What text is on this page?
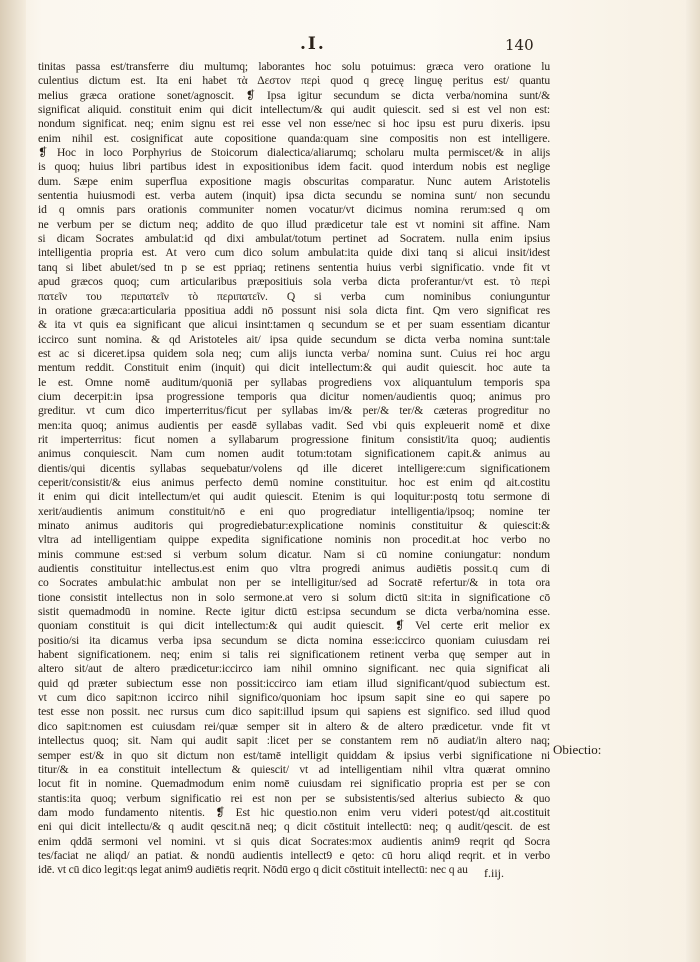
.I.	140
tinitas passa est/transferre diu multumq; laborantes hoc solu potuimus: græca vero oratione lu
culentius dictum est. Ita eni habet τὰ Δεστον περὶ quod q grecę linguę peritus est/ quantu
melius græca oratione sonet/agnoscit. ❡ Ipsa igitur secundum se dicta verba/nomina sunt/&
significat aliquid. constituit enim qui dicit intellectum/& qui audit quiescit. sed si est vel non est:
nondum significat. neq; enim signu est rei esse vel non esse/nec si hoc ipsu est puru dixeris. ipsu
enim nihil est. cosignificat aute copositione quanda:quam sine compositis non est intelligere.
❡ Hoc in loco Porphyrius de Stoicorum dialectica/aliarumq; scholaru multa permiscet/& in alijs
is quoq; huius libri partibus idest in expositionibus idem facit. quod interdum nobis est neglige
dum. Sæpe enim superflua expositione magis obscuritas comparatur. Nunc autem Aristotelis
sententia huiusmodi est. verba autem (inquit) ipsa dicta secundu se nomina sunt/ non secundu
id q omnis pars orationis communiter nomen vocatur/vt dicimus nomina rerum:sed q om
ne verbum per se dictum neq; addito de quo illud prædicetur tale est vt nomini sit affine. Nam
si dicam Socrates ambulat:id qd dixi ambulat/totum pertinet ad Socratem. nulla enim ipsius
intelligentia propria est. At vero cum dico solum ambulat:ita quide dixi tanq si alicui insit/idest
tanq si libet abulet/sed tn p se est ppriaq; retinens sententia huius verbi significatio. vnde fit vt
apud græcos quoq; cum articularibus præpositiuis sola verba dicta proferantur/vt est. τὸ περὶ
πατεῖν του περιπατεῖν τὸ περιπατεῖν. Q si verba cum nominibus coniunguntur
in oratione græca:articularia ppositiua addi nō possunt nisi sola dicta fint. Qm vero significat res
& ita vt quis ea significant que alicui insint:tamen q secundum se et per suam essentiam dicantur
iccirco sunt nomina. & qd Aristoteles ait/ ipsa quide secundum se dicta verba nomina sunt:tale
est ac si diceret.ipsa quidem sola neq; cum alijs iuncta verba/ nomina sunt. Cuius rei hoc argu
mentum reddit. Constituit enim (inquit) qui dicit intellectum:& qui audit quiescit. hoc aute ta
le est. Omne nomē auditum/quoniā per syllabas progrediens vox aliquantulum temporis spa
cium decerpit:in ipsa progressione temporis qua dicitur nomen/audientis quoq; animus pro
greditur. vt cum dico imperterritus/ficut per syllabas im/& per/& ter/& cæteras progreditur no
men:ita quoq; animus audientis per easdē syllabas vadit. Sed vbi quis expleuerit nomē et dixe
rit imperterritus: ficut nomen a syllabarum progressione finitum consistit/ita quoq; audientis
animus conquiescit. Nam cum nomen audit totum:totam significationem capit.& animus au
dientis/qui dicentis syllabas sequebatur/volens qd ille diceret intelligere:cum significationem
ceperit/consistit/& eius animus perfecto demū nomine constituitur. hoc est enim qd ait.costitu
it enim qui dicit intellectum/et qui audit quiescit. Etenim is qui loquitur:postq totu sermone di
xerit/audientis animum constituit/nō e eni quo progrediatur intelligentia/ipsoq; nomine ter
minato animus auditoris qui progrediebatur:explicatione nominis constituitur & quiescit:&
vltra ad intelligentiam quippe expedita significatione nominis non procedit.at hoc verbo no
minis commune est:sed si verbum solum dicatur. Nam si cū nomine coniungatur: nondum
audientis constituitur intellectus.est enim quo vltra progredi animus audiētis possit.q cum di
co Socrates ambulat:hic ambulat non per se intelligitur/sed ad Socratē refertur/& in tota ora
tione consistit intellectus non in solo sermone.at vero si solum dictū sit:ita in significatione cō
sistit quemadmodū in nomine. Recte igitur dictū est:ipsa secundum se dicta verba/nomina esse.
quoniam constituit is qui dicit intellectum:& qui audit quiescit. ❡ Vel certe erit melior ex
positio/si ita dicamus verba ipsa secundum se dicta nomina esse:iccirco quoniam cuiusdam rei
habent significationem. neq; enim si talis rei significationem retinent verba quę semper aut in
altero sit/aut de altero prædicetur:iccirco iam nihil omnino significant. nec quia significat ali
quid qd præter subiectum esse non possit:iccirco iam etiam illud significant/quod subiectum est.
vt cum dico sapit:non iccirco nihil significo/quoniam hoc ipsum sapit sine eo qui sapere po
test esse non possit. nec rursus cum dico sapit:illud ipsum qui sapiens est significo. sed illud quod
dico sapit:nomen est cuiusdam rei/quæ semper sit in altero & de altero prædicetur. vnde fit vt
intellectus quoq; sit. Nam qui audit sapit :licet per se constantem rem nō audiat/in altero naq;
semper est/& in quo sit dictum non est/tamē intelligit quiddam & ipsius verbi significatione ni
titur/& in ea constituit intellectum & quiescit/ vt ad intelligentiam nihil vltra quærat omnino
locut fit in nomine. Quemadmodum enim nomē cuiusdam rei significatio propria est per se con
stantis:ita quoq; verbum significatio rei est non per se subsistentis/sed alterius subiecto & quo
dam modo fundamento nitentis. ❡ Est hic questio.non enim veru videri potest/qd ait.costituit
eni qui dicit intellectu/& q audit qescit.nā neq; q dicit cōstituit intellectū: neq; q audit/qescit. de est
enim qddā sermoni vel nomini. vt si quis dicat Socrates:mox audientis anim9 reqrit qd Socra
tes/faciat ne aliqd/ an patiat. & nondū audientis intellect9 e qeto: cū horu aliqd reqrit. et in verbo
idē. vt cū dico legit:qs legat anim9 audiētis reqrit. Nōdū ergo q dicit cōstituit intellectū: nec q au
Obiectio:
f.iij.
